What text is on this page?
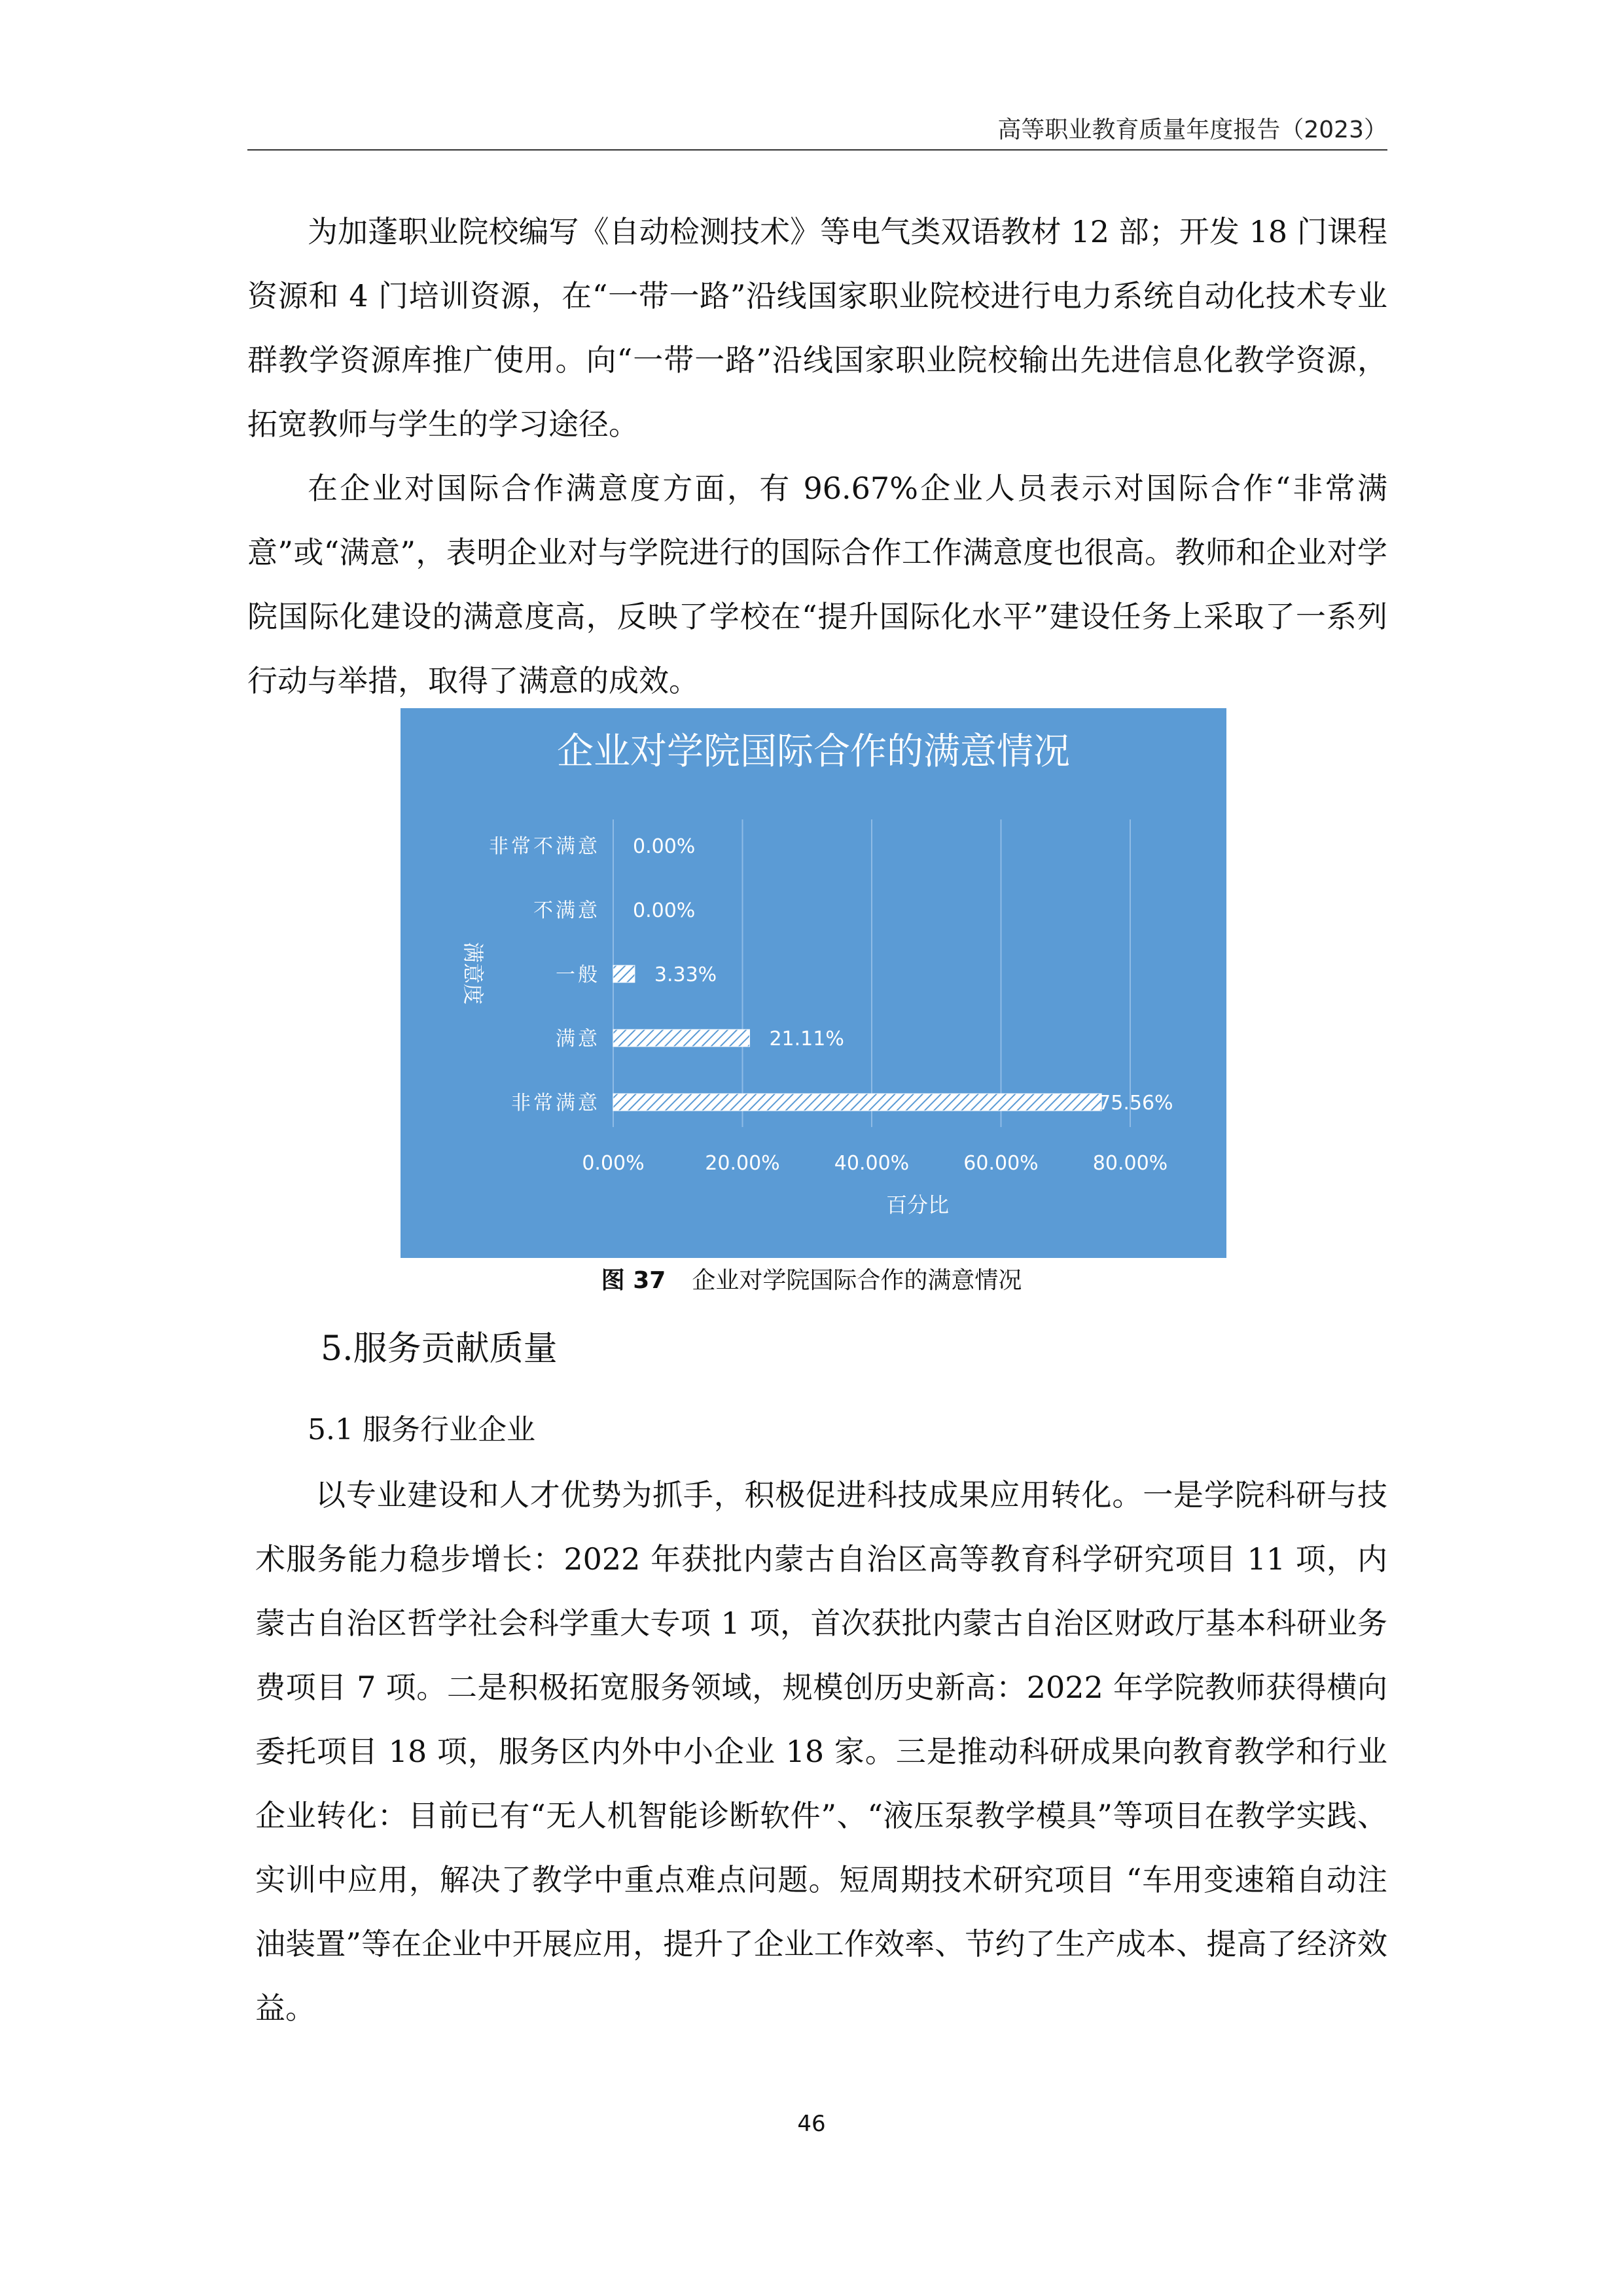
高等职业教育质量年度报告（2023）

为加蓬职业院校编写《自动检测技术》等电气类双语教材 12 部；开发 18 门课程资源和 4 门培训资源，在“一带一路”沿线国家职业院校进行电力系统自动化技术专业群教学资源库推广使用。向“一带一路”沿线国家职业院校输出先进信息化教学资源，拓宽教师与学生的学习途径。

在企业对国际合作满意度方面，有 96.67%企业人员表示对国际合作“非常满意”或“满意”，表明企业对与学院进行的国际合作工作满意度也很高。教师和企业对学院国际化建设的满意度高，反映了学校在“提升国际化水平”建设任务上采取了一系列行动与举措，取得了满意的成效。

企业对学院国际合作的满意情况
0.00%	20.00%	40.00%	60.00%	80.00%
非常不满意 0.00%
不满意 0.00%
一般	3.33%
满意	21.11%
非常满意	75.56%
百分比
满意度
图 37 企业对学院国际合作的满意情况
5.服务贡献质量
5.1 服务行业企业

以专业建设和人才优势为抓手，积极促进科技成果应用转化。一是学院科研与技术服务能力稳步增长：2022 年获批内蒙古自治区高等教育科学研究项目 11 项，内蒙古自治区哲学社会科学重大专项 1 项，首次获批内蒙古自治区财政厅基本科研业务费项目 7 项。二是积极拓宽服务领域，规模创历史新高：2022 年学院教师获得横向委托项目 18 项，服务区内外中小企业 18 家。三是推动科研成果向教育教学和行业企业转化：目前已有“无人机智能诊断软件”、“液压泵教学模具”等项目在教学实践、实训中应用，解决了教学中重点难点问题。短周期技术研究项目 “车用变速箱自动注油装置”等在企业中开展应用，提升了企业工作效率、节约了生产成本、提高了经济效益。

46
